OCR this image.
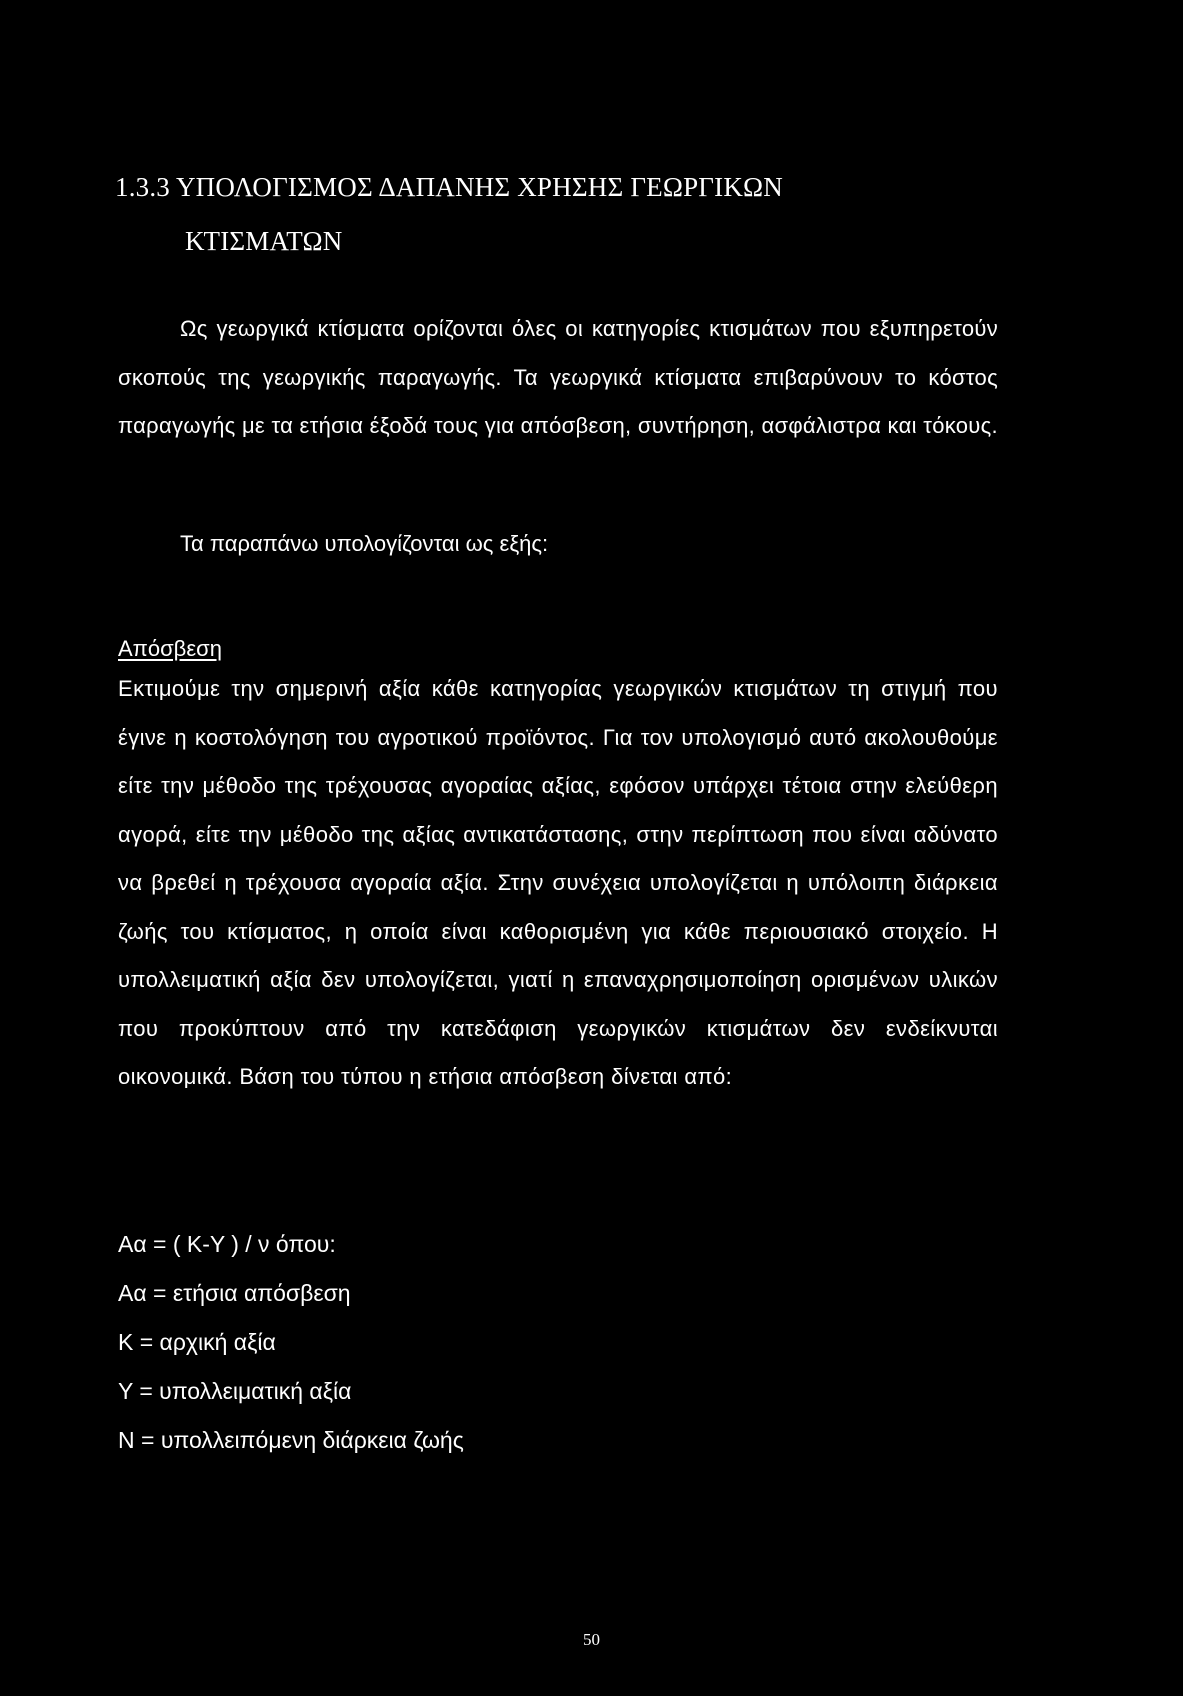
1.3.3 ΥΠΟΛΟΓΙΣΜΟΣ ΔΑΠΑΝΗΣ ΧΡΗΣΗΣ ΓΕΩΡΓΙΚΩΝ
ΚΤΙΣΜΑΤΩΝ

Ως γεωργικά κτίσματα ορίζονται όλες οι κατηγορίες κτισμάτων που εξυπηρετούν σκοπούς της γεωργικής παραγωγής. Τα γεωργικά κτίσματα επιβαρύνουν το κόστος παραγωγής με τα ετήσια έξοδά τους για απόσβεση, συντήρηση, ασφάλιστρα και τόκους.

Τα παραπάνω υπολογίζονται ως εξής:

Απόσβεση

Εκτιμούμε την σημερινή αξία κάθε κατηγορίας γεωργικών κτισμάτων τη στιγμή που έγινε η κοστολόγηση του αγροτικού προϊόντος. Για τον υπολογισμό αυτό ακολουθούμε είτε την μέθοδο της τρέχουσας αγοραίας αξίας, εφόσον υπάρχει τέτοια στην ελεύθερη αγορά, είτε την μέθοδο της αξίας αντικατάστασης, στην περίπτωση που είναι αδύνατο να βρεθεί η τρέχουσα αγοραία αξία. Στην συνέχεια υπολογίζεται η υπόλοιπη διάρκεια ζωής του κτίσματος, η οποία είναι καθορισμένη για κάθε περιουσιακό στοιχείο. Η υπολλειματική αξία δεν υπολογίζεται, γιατί η επαναχρησιμοποίηση ορισμένων υλικών που προκύπτουν από την κατεδάφιση γεωργικών κτισμάτων δεν ενδείκνυται οικονομικά. Βάση του τύπου η ετήσια απόσβεση δίνεται από:

Αα = ( Κ-Υ ) / ν όπου:
Αα = ετήσια απόσβεση
Κ = αρχική αξία
Υ = υπολλειματική αξία
Ν = υπολλειπόμενη διάρκεια ζωής
50
